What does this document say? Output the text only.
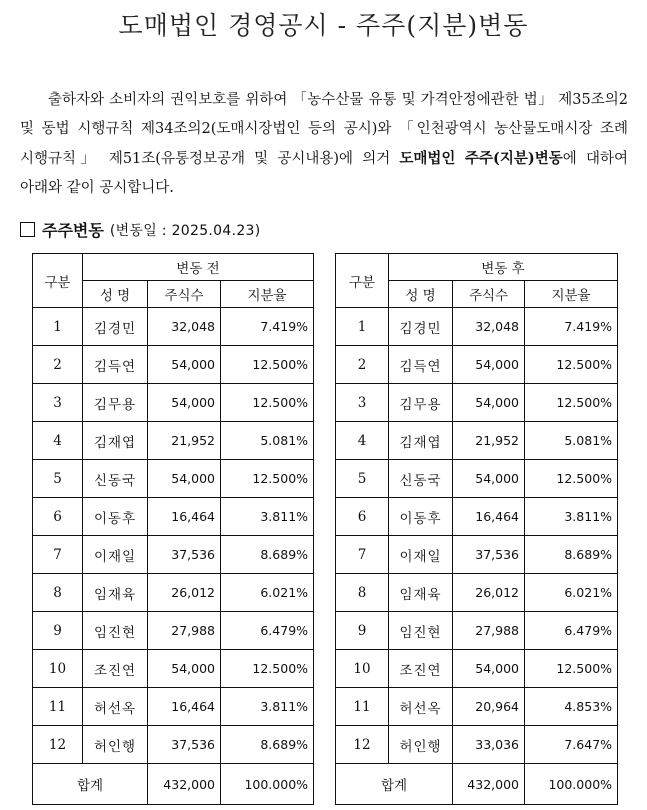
도매법인 경영공시 - 주주(지분)변동
출하자와 소비자의 권익보호를 위하여 「농수산물 유통 및 가격안정에관한 법」 제35조의2 및 동법 시행규칙 제34조의2(도매시장법인 등의 공시)와 「인천광역시 농산물도매시장 조례 시행규칙」 제51조(유통정보공개 및 공시내용)에 의거 도매법인 주주(지분)변동에 대하여 아래와 같이 공시합니다.
주주변동 (변동일 : 2025.04.23)
구분	변동 전		
	성 명	주식수	지분율
1	김경민	32,048	7.419%
2	김득연	54,000	12.500%
3	김무용	54,000	12.500%
4	김재엽	21,952	5.081%
5	신동국	54,000	12.500%
6	이동후	16,464	3.811%
7	이재일	37,536	8.689%
8	임재육	26,012	6.021%
9	임진현	27,988	6.479%
10	조진연	54,000	12.500%
11	허선옥	16,464	3.811%
12	허인행	37,536	8.689%
합계		432,000	100.000%
구분	변동 후		
	성 명	주식수	지분율
1	김경민	32,048	7.419%
2	김득연	54,000	12.500%
3	김무용	54,000	12.500%
4	김재엽	21,952	5.081%
5	신동국	54,000	12.500%
6	이동후	16,464	3.811%
7	이재일	37,536	8.689%
8	임재육	26,012	6.021%
9	임진현	27,988	6.479%
10	조진연	54,000	12.500%
11	허선옥	20,964	4.853%
12	허인행	33,036	7.647%
합계		432,000	100.000%
